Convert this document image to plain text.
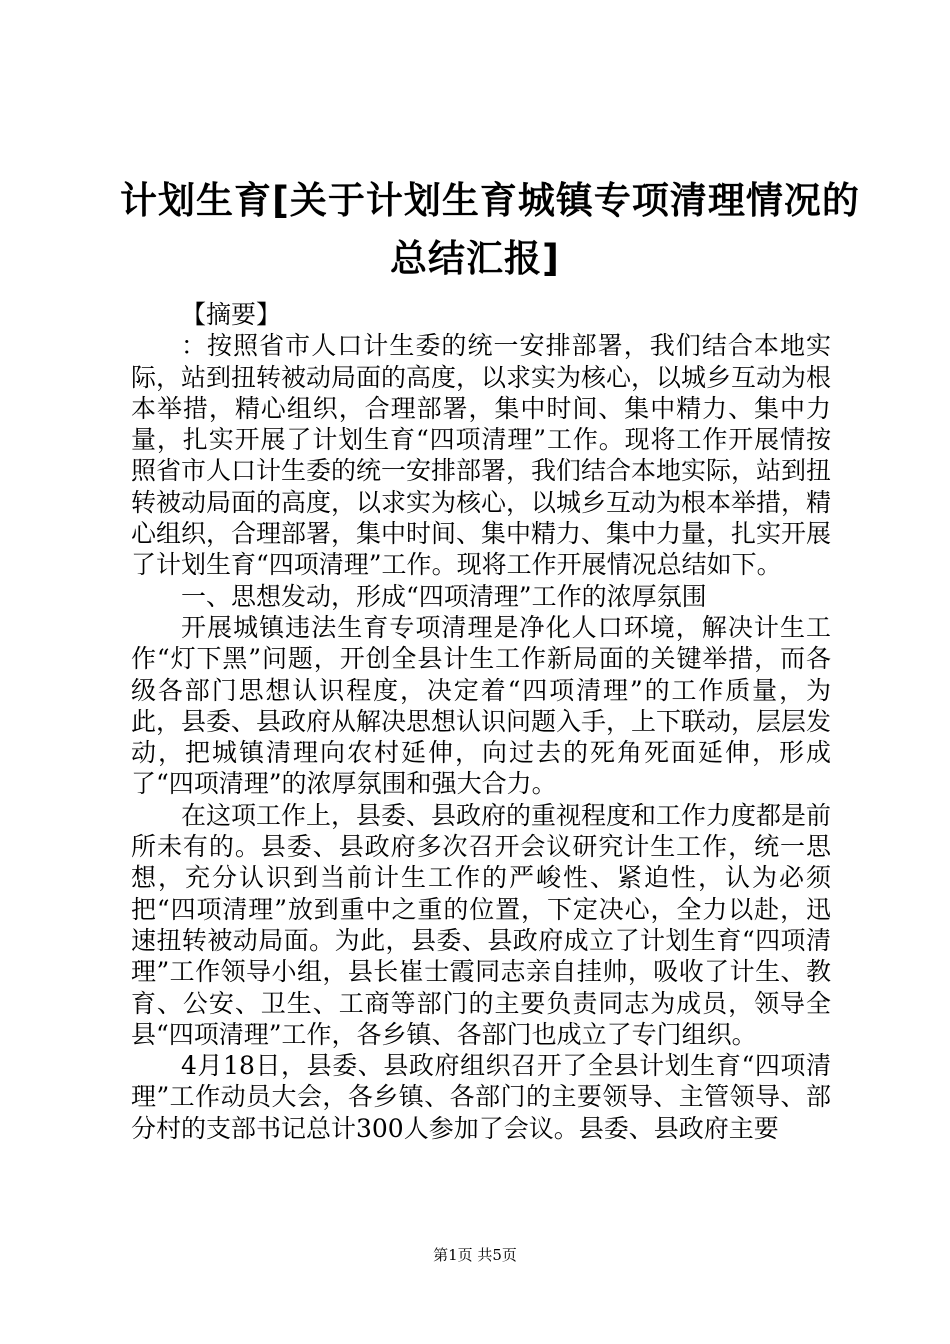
计划生育[关于计划生育城镇专项清理情况的
总结汇报]

【摘要】

：按照省市人口计生委的统一安排部署，我们结合本地实际，站到扭转被动局面的高度，以求实为核心，以城乡互动为根本举措，精心组织，合理部署，集中时间、集中精力、集中力量，扎实开展了计划生育“四项清理”工作。现将工作开展情按照省市人口计生委的统一安排部署，我们结合本地实际，站到扭转被动局面的高度，以求实为核心，以城乡互动为根本举措，精心组织，合理部署，集中时间、集中精力、集中力量，扎实开展了计划生育“四项清理”工作。现将工作开展情况总结如下。

一、思想发动，形成“四项清理”工作的浓厚氛围

开展城镇违法生育专项清理是净化人口环境，解决计生工作“灯下黑”问题，开创全县计生工作新局面的关键举措，而各级各部门思想认识程度，决定着“四项清理”的工作质量，为此，县委、县政府从解决思想认识问题入手，上下联动，层层发动，把城镇清理向农村延伸，向过去的死角死面延伸，形成了“四项清理”的浓厚氛围和强大合力。

在这项工作上，县委、县政府的重视程度和工作力度都是前所未有的。县委、县政府多次召开会议研究计生工作，统一思想，充分认识到当前计生工作的严峻性、紧迫性，认为必须把“四项清理”放到重中之重的位置，下定决心，全力以赴，迅速扭转被动局面。为此，县委、县政府成立了计划生育“四项清理”工作领导小组，县长崔士霞同志亲自挂帅，吸收了计生、教育、公安、卫生、工商等部门的主要负责同志为成员，领导全县“四项清理”工作，各乡镇、各部门也成立了专门组织。

4月18日，县委、县政府组织召开了全县计划生育“四项清理”工作动员大会，各乡镇、各部门的主要领导、主管领导、部分村的支部书记总计300人参加了会议。县委、县政府主要

第1页 共5页
